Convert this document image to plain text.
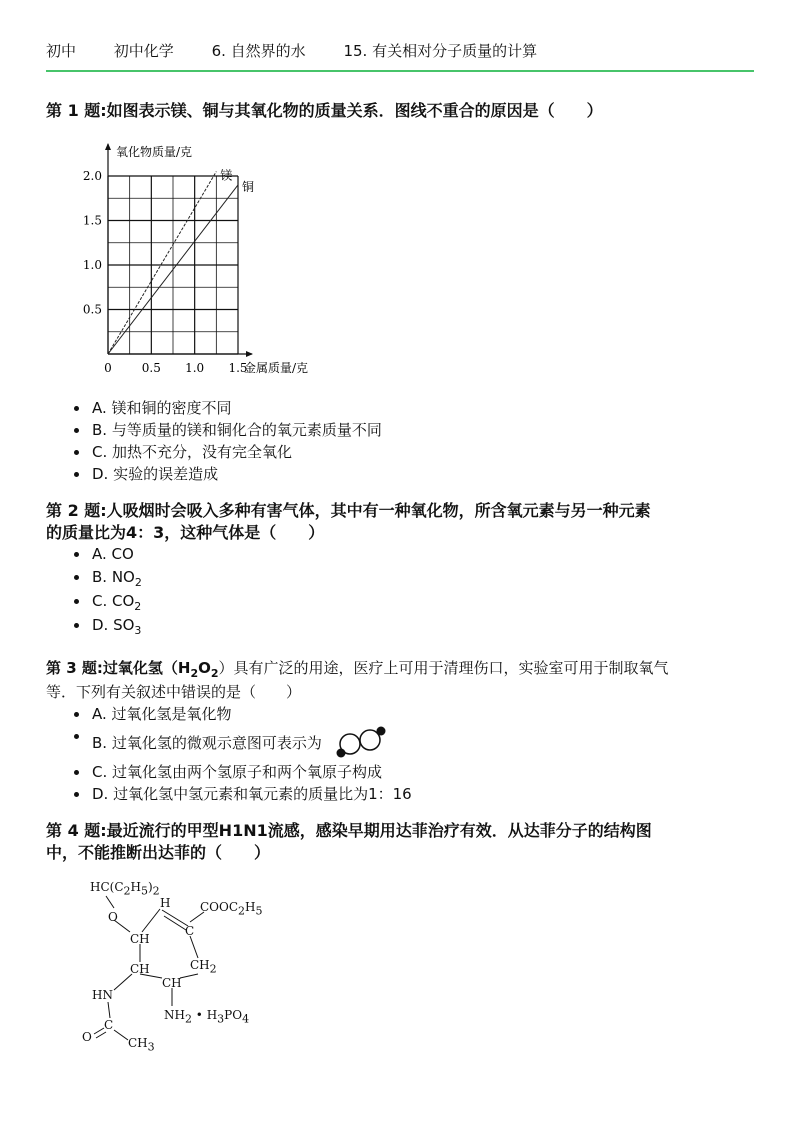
初中	初中化学	6. 自然界的水	15. 有关相对分子质量的计算
第 1 题:如图表示镁、铜与其氧化物的质量关系．图线不重合的原因是（　　）
镁
铜
0.5
1.0
1.5
2.0
0 0.5 1.0 1.5
氧化物质量/克
金属质量/克
A. 镁和铜的密度不同
B. 与等质量的镁和铜化合的氧元素质量不同
C. 加热不充分，没有完全氧化
D. 实验的误差造成
第 2 题:人吸烟时会吸入多种有害气体，其中有一种氧化物，所含氧元素与另一种元素
的质量比为4：3，这种气体是（　　）
A. CO
B. $NO_2$
C. $CO_2$
D. $SO_3$
第 3 题:过氧化氢$(H_2O_2)$具有广泛的用途，医疗上可用于清理伤口，实验室可用于制取氧气
等．下列有关叙述中错误的是（　　）
A. 过氧化氢是氧化物
B. 过氧化氢的微观示意图可表示为
C. 过氧化氢由两个氢原子和两个氧原子构成
D. 过氧化氢中氢元素和氧元素的质量比为1：16
第 4 题:最近流行的甲型H1N1流感，感染早期用达菲治疗有效．从达菲分子的结构图
中，不能推断出达菲的（　　）
$HC(C_2H_5)_2$
O
H $COOC_2H_5$
C
CH
CH	$CH_2$
CH
HN
$NH_2$ • $H_3PO_4$
C
O	$CH_3$
